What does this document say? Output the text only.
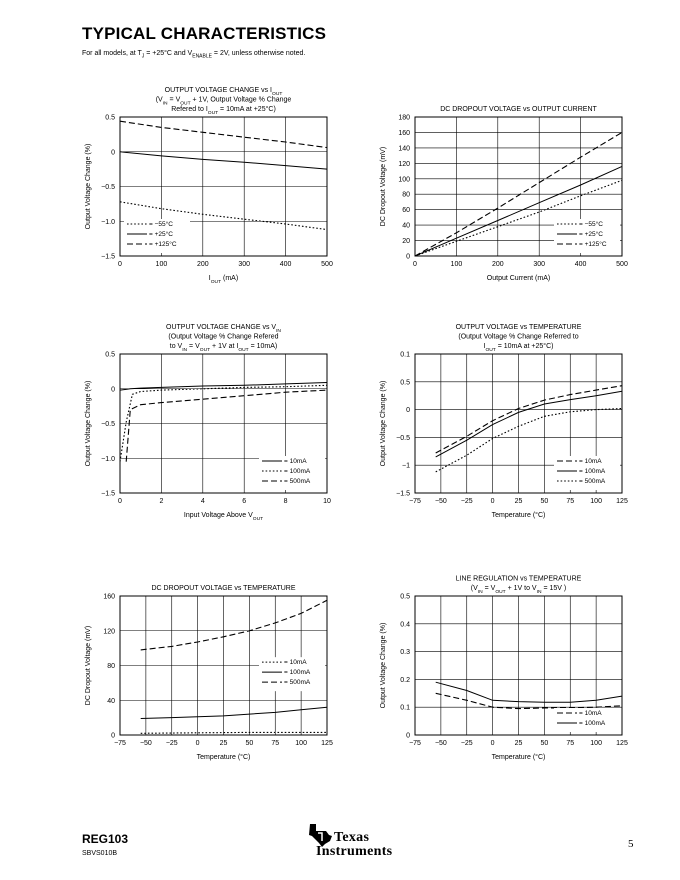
TYPICAL CHARACTERISTICS
For all models, at $T_J = +25^\circ C$ and $V_{ENABLE} = 2V$, unless otherwise noted.
OUTPUT VOLTAGE CHANGE vs $I_{OUT}$
($V_{IN} = V_{OUT} + 1V$, Output Voltage % Change
Refered to $I_{OUT} = 10mA$ at +25°C)
0	100	200	300	400	500
−1.5
−1.0
−0.5
0
0.5
$I_{OUT}$ (mA)
Output Voltage Change (%)	= −55°C
= +25°C
= +125°C
DC DROPOUT VOLTAGE vs OUTPUT CURRENT
0	100	200	300	400	500
0
20
40
60
80
100
120
140
160
180
Output Current (mA)
DC Dropout Voltage (mV)	= −55°C
= +25°C
= +125°C
OUTPUT VOLTAGE CHANGE vs $V_{IN}$
(Output Voltage % Change Refered
to $V_{IN} = V_{OUT} + 1V$ at $I_{OUT} = 10mA$)
0	2	4	6	8	10
−1.5
−1.0
−0.5
0
0.5
Input Voltage Above $V_{OUT}$
Output Voltage Change (%)	= 10mA
= 100mA
= 500mA
OUTPUT VOLTAGE vs TEMPERATURE
(Output Voltage % Change Referred to
$I_{OUT} = 10mA$ at +25°C)
−75 −50 −25	0	25	50	75 100 125
−1.5
−1
−0.5
0
0.5
0.1
Temperature (°C)
Output Voltage Change (%)	= 10mA
= 100mA
= 500mA
DC DROPOUT VOLTAGE vs TEMPERATURE
−75 −50 −25	0	25	50	75 100 125
0
40
80
120
160
Temperature (°C)
DC Dropout Voltage (mV)	= 10mA
= 100mA
= 500mA
LINE REGULATION vs TEMPERATURE
($V_{IN} = V_{OUT} + 1V$ to $V_{IN} = 15V$ )
−75 −50 −25	0	25	50	75 100 125
0
0.1
0.2
0.3
0.4
0.5
Temperature (°C)
Output Voltage Change (%)
= 10mA
= 100mA
REG103
SBVS010B
Texas
Instruments	5
